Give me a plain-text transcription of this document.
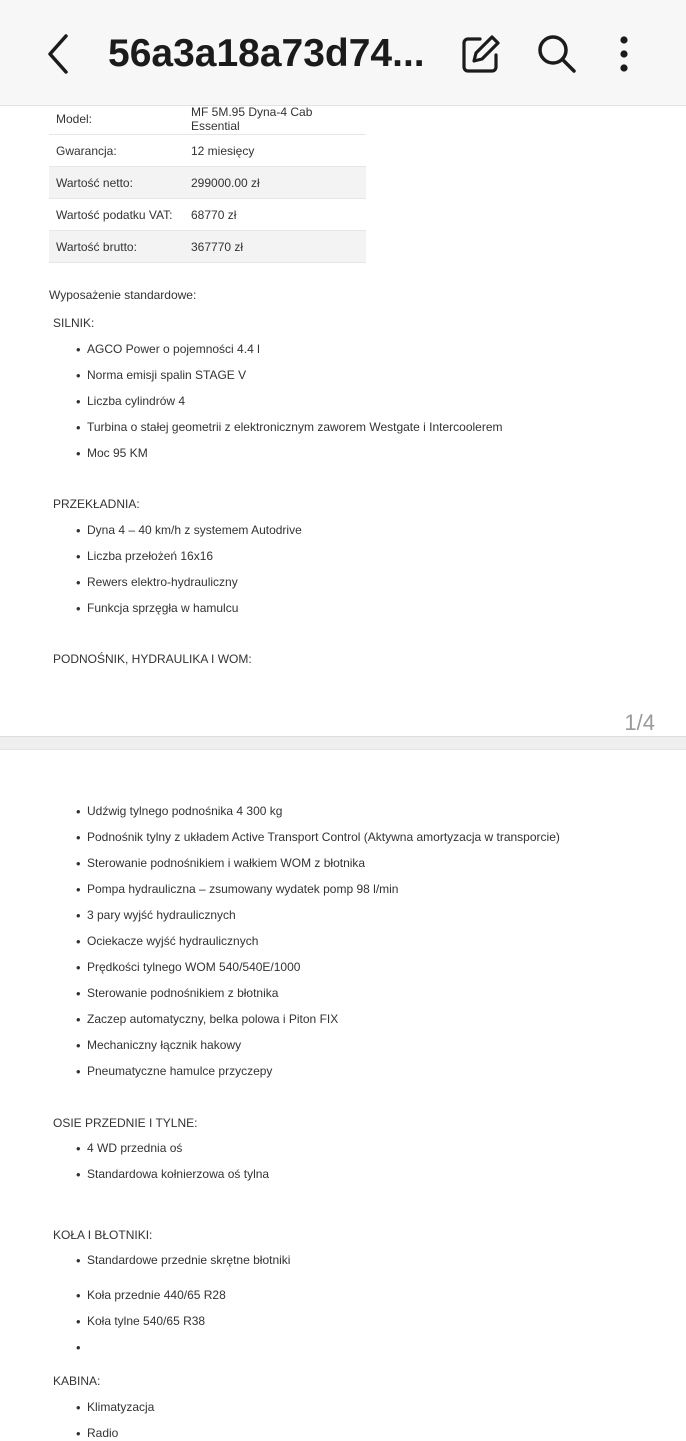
56a3a18a73d74...
Model:	MF 5M.95 Dyna-4 Cab Essential
Gwarancja:	12 miesięcy
Wartość netto:	299000.00 zł
Wartość podatku VAT:	68770 zł
Wartość brutto:	367770 zł
Wyposażenie standardowe:
SILNIK:
• AGCO Power o pojemności 4.4 l
• Norma emisji spalin STAGE V
• Liczba cylindrów 4
• Turbina o stałej geometrii z elektronicznym zaworem Westgate i Intercoolerem
• Moc 95 KM
PRZEKŁADNIA:
• Dyna 4 – 40 km/h z systemem Autodrive
• Liczba przełożeń 16x16
• Rewers elektro-hydrauliczny
• Funkcja sprzęgła w hamulcu
PODNOŚNIK, HYDRAULIKA I WOM:
1/4
• Udźwig tylnego podnośnika 4 300 kg
• Podnośnik tylny z układem Active Transport Control (Aktywna amortyzacja w transporcie)
• Sterowanie podnośnikiem i wałkiem WOM z błotnika
• Pompa hydrauliczna – zsumowany wydatek pomp 98 l/min
• 3 pary wyjść hydraulicznych
• Ociekacze wyjść hydraulicznych
• Prędkości tylnego WOM 540/540E/1000
• Sterowanie podnośnikiem z błotnika
• Zaczep automatyczny, belka polowa i Piton FIX
• Mechaniczny łącznik hakowy
• Pneumatyczne hamulce przyczepy
OSIE PRZEDNIE I TYLNE:
• 4 WD przednia oś
• Standardowa kołnierzowa oś tylna
KOŁA I BŁOTNIKI:
• Standardowe przednie skrętne błotniki
• Koła przednie 440/65 R28
• Koła tylne 540/65 R38
KABINA:
• Klimatyzacja
• Radio
